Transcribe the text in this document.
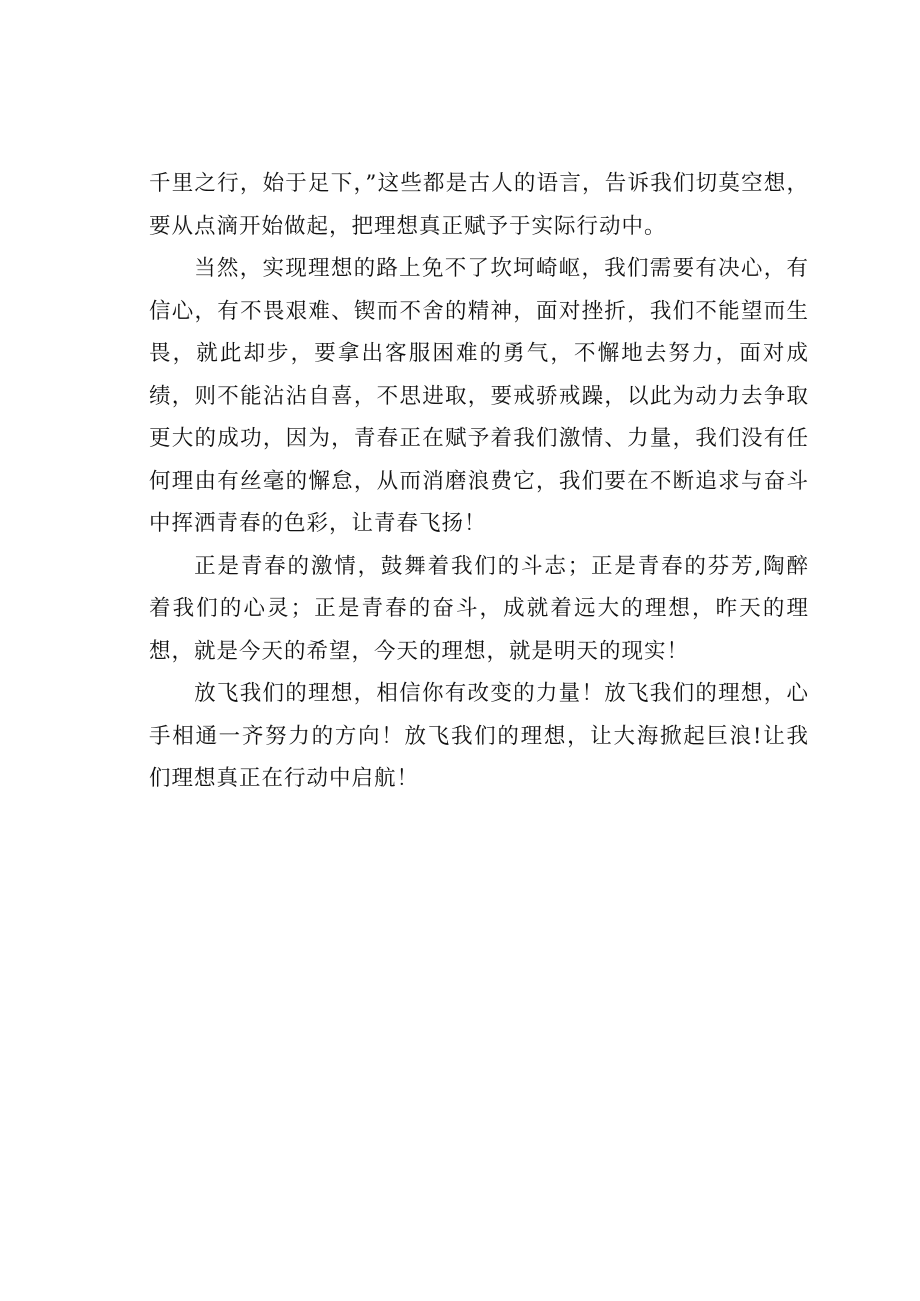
千里之行，始于足下，”这些都是古人的语言，告诉我们切莫空想，要从点滴开始做起，把理想真正赋予于实际行动中。

当然，实现理想的路上免不了坎坷崎岖，我们需要有决心，有信心，有不畏艰难、锲而不舍的精神，面对挫折，我们不能望而生畏，就此却步，要拿出客服困难的勇气，不懈地去努力，面对成绩，则不能沾沾自喜，不思进取，要戒骄戒躁，以此为动力去争取更大的成功，因为，青春正在赋予着我们激情、力量，我们没有任何理由有丝毫的懈怠，从而消磨浪费它，我们要在不断追求与奋斗中挥洒青春的色彩，让青春飞扬！

正是青春的激情，鼓舞着我们的斗志；正是青春的芬芳,陶醉着我们的心灵；正是青春的奋斗，成就着远大的理想，昨天的理想，就是今天的希望，今天的理想，就是明天的现实！

放飞我们的理想，相信你有改变的力量！放飞我们的理想，心手相通一齐努力的方向！放飞我们的理想，让大海掀起巨浪!让我们理想真正在行动中启航！
